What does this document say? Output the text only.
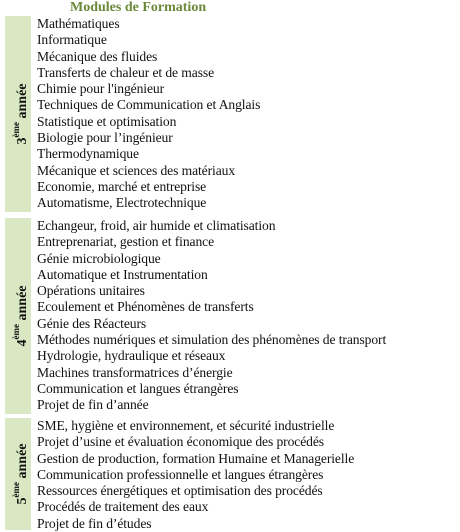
Modules de Formation
3ème année
Mathématiques
Informatique
Mécanique des fluides
Transferts de chaleur et de masse
Chimie pour l'ingénieur
Techniques de Communication et Anglais
Statistique et optimisation
Biologie pour l’ingénieur
Thermodynamique
Mécanique et sciences des matériaux
Economie, marché et entreprise
Automatisme, Electrotechnique
4ème année
Echangeur, froid, air humide et climatisation
Entreprenariat, gestion et finance
Génie microbiologique
Automatique et Instrumentation
Opérations unitaires
Ecoulement et Phénomènes de transferts
Génie des Réacteurs
Méthodes numériques et simulation des phénomènes de transport
Hydrologie, hydraulique et réseaux
Machines transformatrices d’énergie
Communication et langues étrangères
Projet de fin d’année
5ème année
SME, hygiène et environnement, et sécurité industrielle
Projet d’usine et évaluation économique des procédés
Gestion de production, formation Humaine et Managerielle
Communication professionnelle et langues étrangères
Ressources énergétiques et optimisation des procédés
Procédés de traitement des eaux
Projet de fin d’études
